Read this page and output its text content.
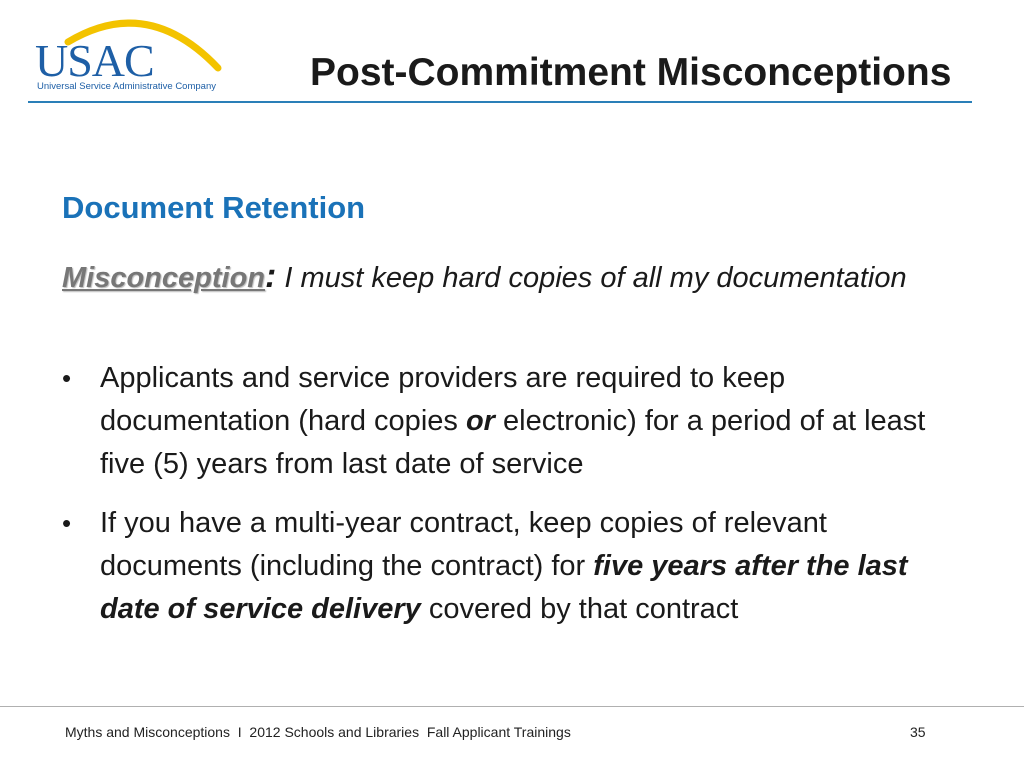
USAC
Universal Service Administrative Company Post-Commitment Misconceptions
Document Retention
Misconception: I must keep hard copies of all my documentation
• Applicants and service providers are required to keep documentation (hard copies or electronic) for a period of at least five (5) years from last date of service
• If you have a multi-year contract, keep copies of relevant documents (including the contract) for five years after the last date of service delivery covered by that contract
Myths and Misconceptions  I  2012 Schools and Libraries  Fall Applicant Trainings	35
